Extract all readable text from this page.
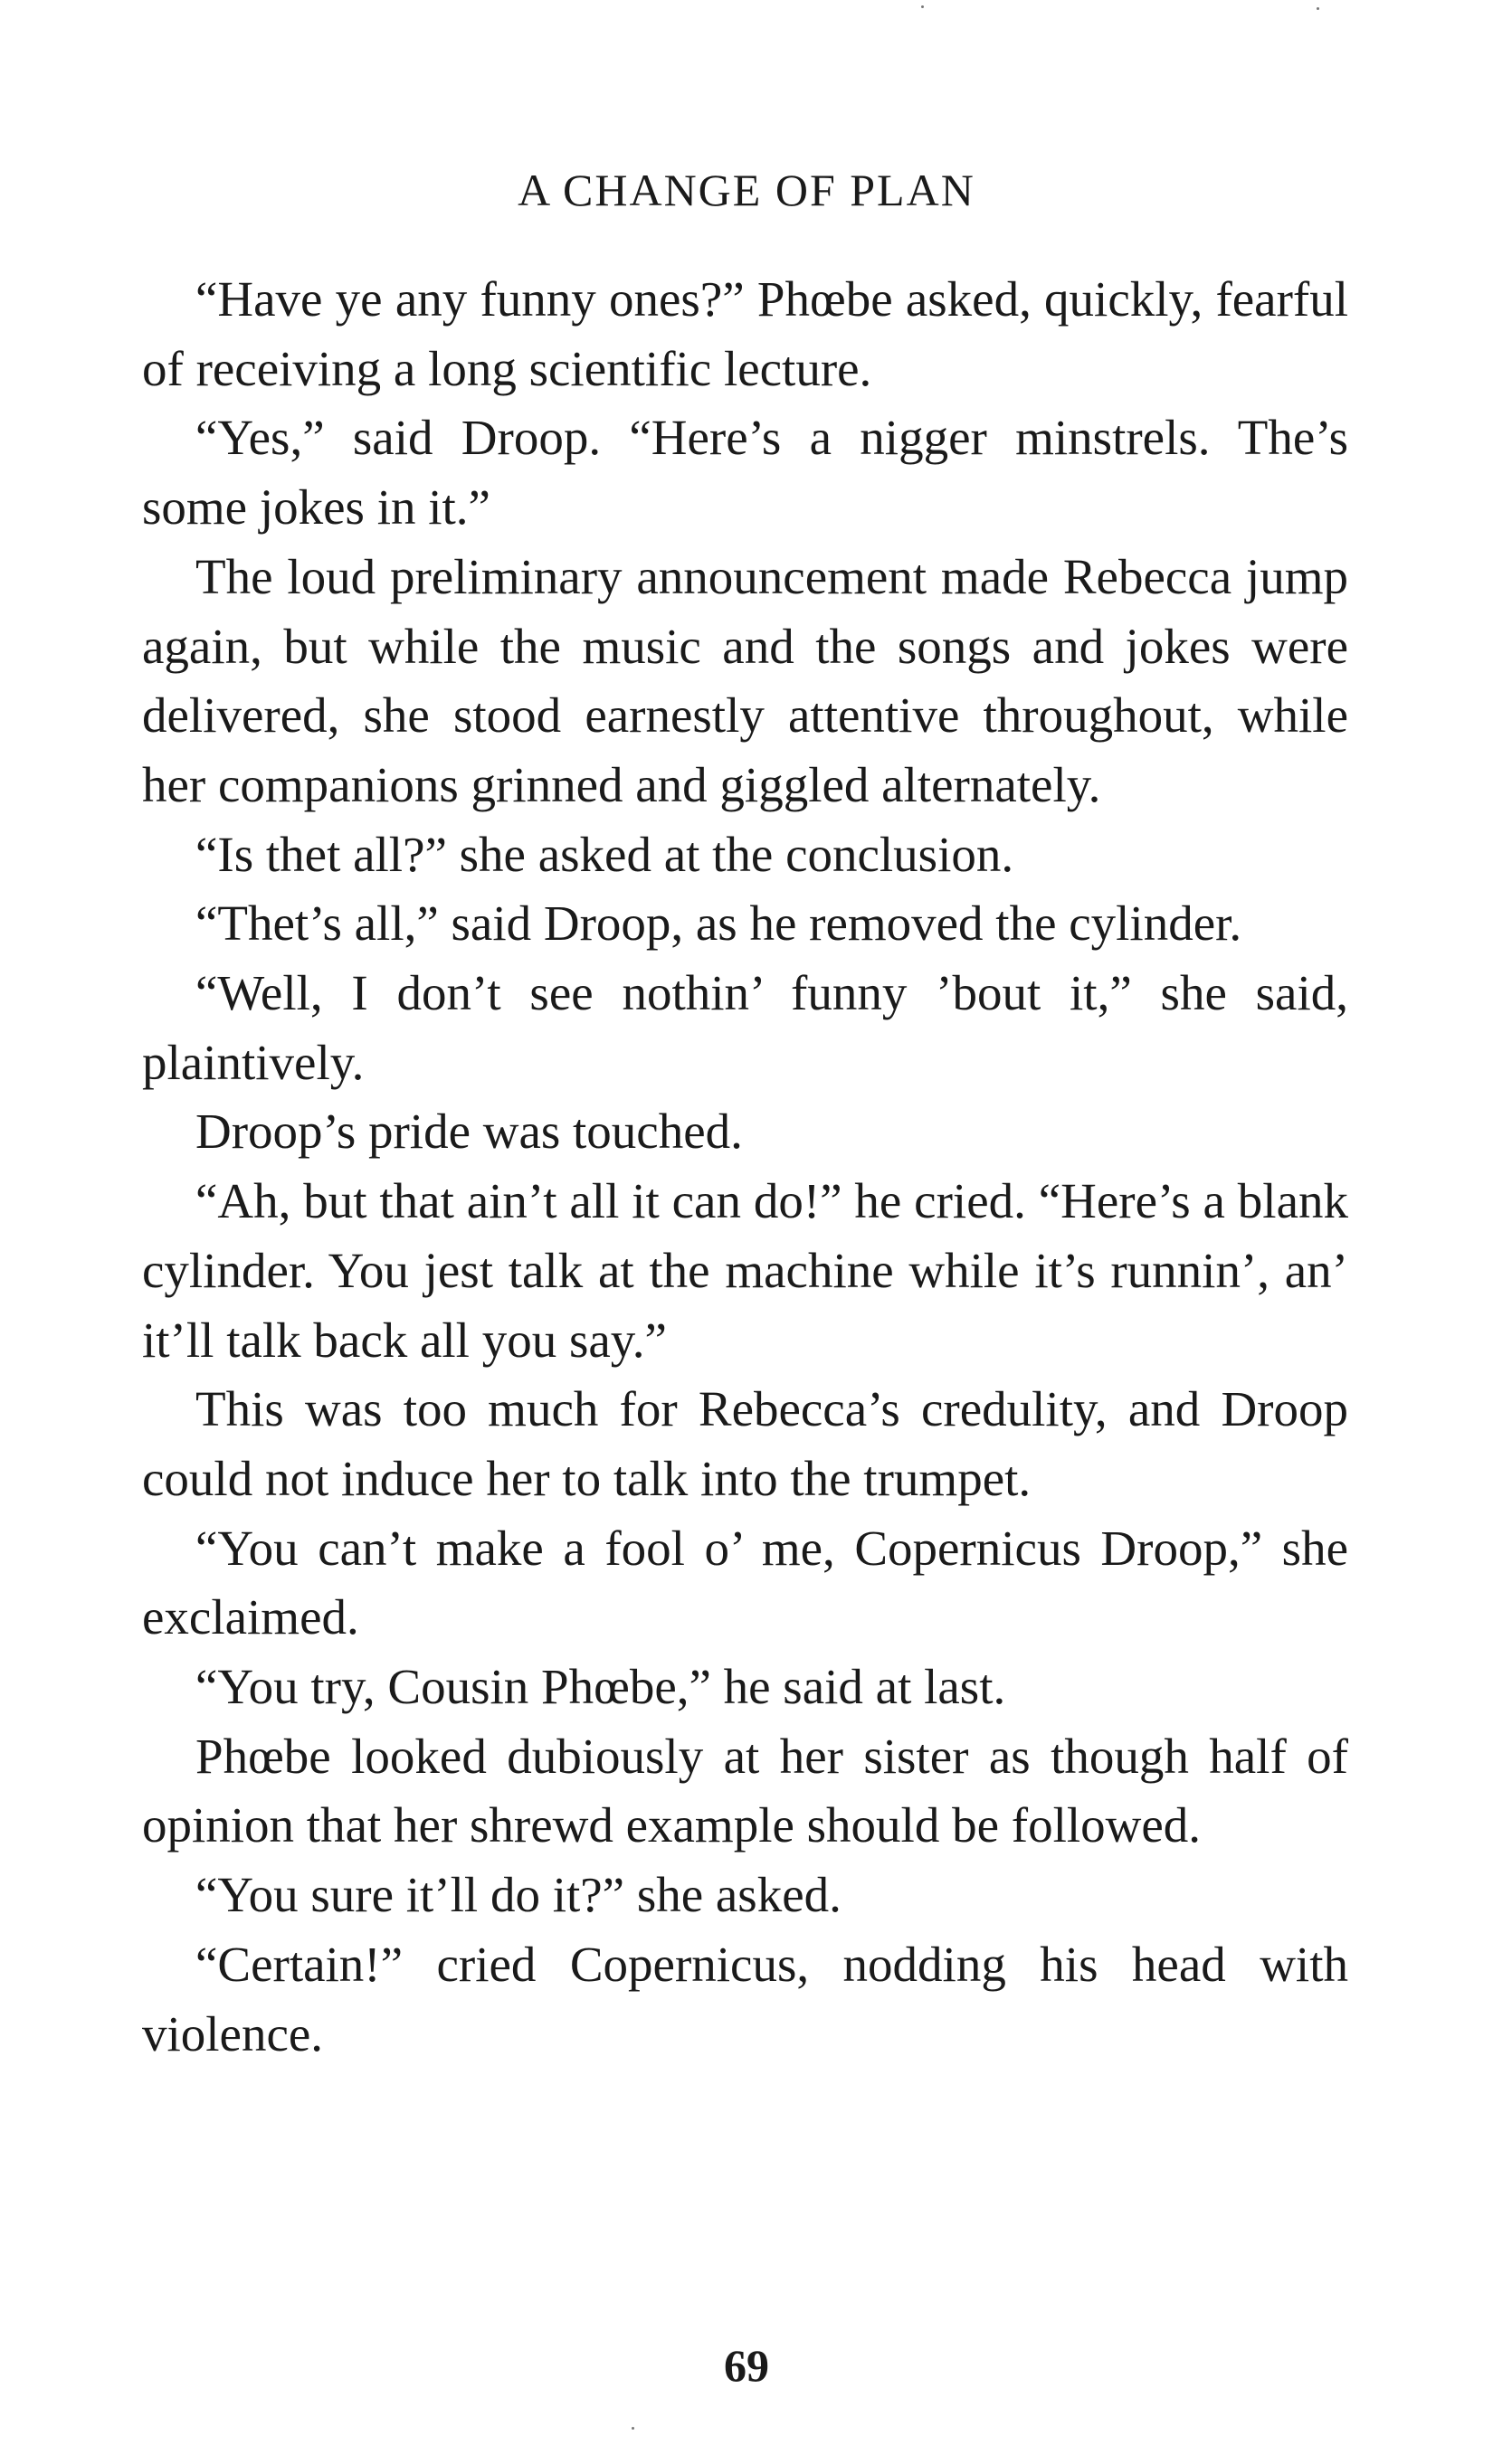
A CHANGE OF PLAN

“Have ye any funny ones?” Phœbe asked, quickly, fearful of receiving a long scientific lecture.

“Yes,” said Droop. “Here’s a nigger minstrels. The’s some jokes in it.”

The loud preliminary announcement made Rebecca jump again, but while the music and the songs and jokes were delivered, she stood earnestly attentive throughout, while her companions grinned and giggled alternately.

“Is thet all?” she asked at the conclusion.

“Thet’s all,” said Droop, as he removed the cylinder.

“Well, I don’t see nothin’ funny ’bout it,” she said, plaintively.

Droop’s pride was touched.

“Ah, but that ain’t all it can do!” he cried. “Here’s a blank cylinder. You jest talk at the machine while it’s runnin’, an’ it’ll talk back all you say.”

This was too much for Rebecca’s credulity, and Droop could not induce her to talk into the trumpet.

“You can’t make a fool o’ me, Copernicus Droop,” she exclaimed.

“You try, Cousin Phœbe,” he said at last.

Phœbe looked dubiously at her sister as though half of opinion that her shrewd example should be followed.

“You sure it’ll do it?” she asked.

“Certain!” cried Copernicus, nodding his head with violence.

69
